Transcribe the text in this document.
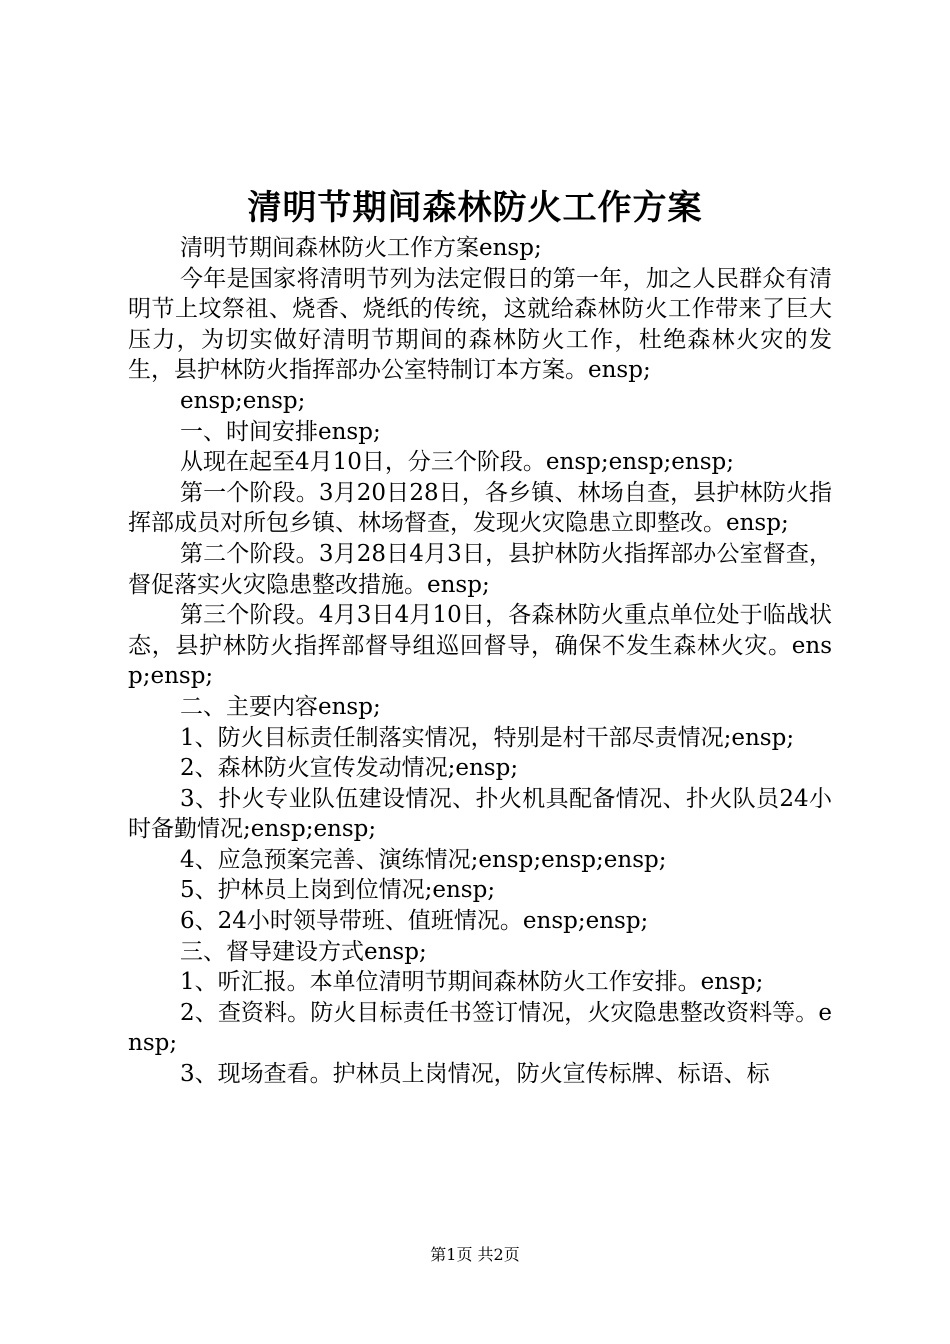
清明节期间森林防火工作方案

清明节期间森林防火工作方案ensp;

今年是国家将清明节列为法定假日的第一年，加之人民群众有清明节上坟祭祖、烧香、烧纸的传统，这就给森林防火工作带来了巨大压力，为切实做好清明节期间的森林防火工作，杜绝森林火灾的发生，县护林防火指挥部办公室特制订本方案。ensp;

ensp;ensp;

一、时间安排ensp;

从现在起至4月10日，分三个阶段。ensp;ensp;ensp;

第一个阶段。3月20日28日，各乡镇、林场自查，县护林防火指挥部成员对所包乡镇、林场督查，发现火灾隐患立即整改。ensp;

第二个阶段。3月28日4月3日，县护林防火指挥部办公室督查，督促落实火灾隐患整改措施。ensp;

第三个阶段。4月3日4月10日，各森林防火重点单位处于临战状态，县护林防火指挥部督导组巡回督导，确保不发生森林火灾。ensp;ensp;

二、主要内容ensp;

1、防火目标责任制落实情况，特别是村干部尽责情况;ensp;

2、森林防火宣传发动情况;ensp;

3、扑火专业队伍建设情况、扑火机具配备情况、扑火队员24小时备勤情况;ensp;ensp;

4、应急预案完善、演练情况;ensp;ensp;ensp;

5、护林员上岗到位情况;ensp;

6、24小时领导带班、值班情况。ensp;ensp;

三、督导建设方式ensp;

1、听汇报。本单位清明节期间森林防火工作安排。ensp;

2、查资料。防火目标责任书签订情况，火灾隐患整改资料等。ensp;

3、现场查看。护林员上岗情况，防火宣传标牌、标语、标

第1页 共2页
